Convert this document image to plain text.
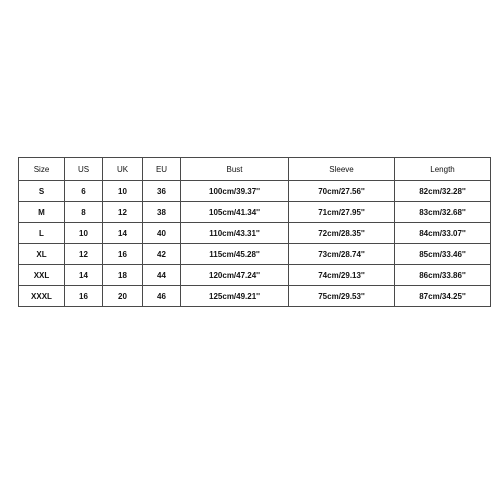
Size	US	UK	EU	Bust	Sleeve	Length
S	6	10	36	100cm/39.37''	70cm/27.56''	82cm/32.28''
M	8	12	38	105cm/41.34''	71cm/27.95''	83cm/32.68''
L	10	14	40	110cm/43.31''	72cm/28.35''	84cm/33.07''
XL	12	16	42	115cm/45.28''	73cm/28.74''	85cm/33.46''
XXL	14	18	44	120cm/47.24''	74cm/29.13''	86cm/33.86''
XXXL	16	20	46	125cm/49.21''	75cm/29.53''	87cm/34.25''
